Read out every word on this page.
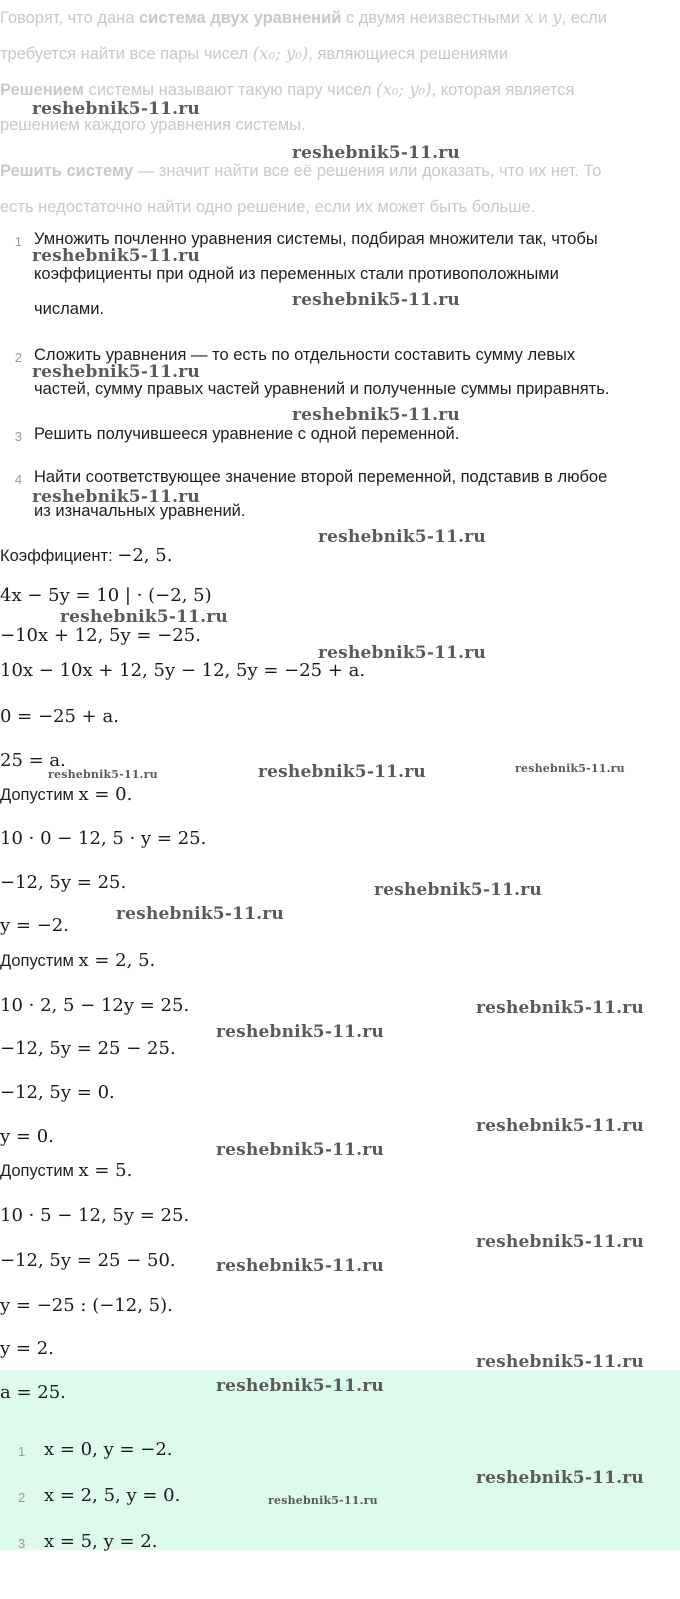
Говорят, что дана система двух уравнений с двумя неизвестными x и y, если
требуется найти все пары чисел (x₀; y₀), являющиеся решениями
Решением системы называют такую пару чисел (x₀; y₀), которая является
решением каждого уравнения системы.
Решить систему — значит найти все её решения или доказать, что их нет. То
есть недостаточно найти одно решение, если их может быть больше.
1 Умножить почленно уравнения системы, подбирая множители так, чтобы
коэффициенты при одной из переменных стали противоположными
числами.
2 Сложить уравнения — то есть по отдельности составить сумму левых
частей, сумму правых частей уравнений и полученные суммы приравнять.
3 Решить получившееся уравнение с одной переменной.
4 Найти соответствующее значение второй переменной, подставив в любое
из изначальных уравнений.
Коэффициент: −2, 5.
4x − 5y = 10 | · (−2, 5)
−10x + 12, 5y = −25.
10x − 10x + 12, 5y − 12, 5y = −25 + a.
0 = −25 + a.
25 = a.
Допустим x = 0.
10 · 0 − 12, 5 · y = 25.
−12, 5y = 25.
y = −2.
Допустим x = 2, 5.
10 · 2, 5 − 12y = 25.
−12, 5y = 25 − 25.
−12, 5y = 0.
y = 0.
Допустим x = 5.
10 · 5 − 12, 5y = 25.
−12, 5y = 25 − 50.
y = −25 : (−12, 5).
y = 2.
a = 25.
1 x = 0, y = −2.
2 x = 2, 5, y = 0.
3 x = 5, y = 2.
reshebnik5-11.ru
reshebnik5-11.ru
reshebnik5-11.ru
reshebnik5-11.ru
reshebnik5-11.ru
reshebnik5-11.ru
reshebnik5-11.ru
reshebnik5-11.ru
reshebnik5-11.ru
reshebnik5-11.ru
reshebnik5-11.ru	reshebnik5-11.ru	reshebnik5-11.ru
reshebnik5-11.ru
reshebnik5-11.ru
reshebnik5-11.ru
reshebnik5-11.ru
reshebnik5-11.ru
reshebnik5-11.ru
reshebnik5-11.ru
reshebnik5-11.ru
reshebnik5-11.ru
reshebnik5-11.ru
reshebnik5-11.ru
reshebnik5-11.ru
